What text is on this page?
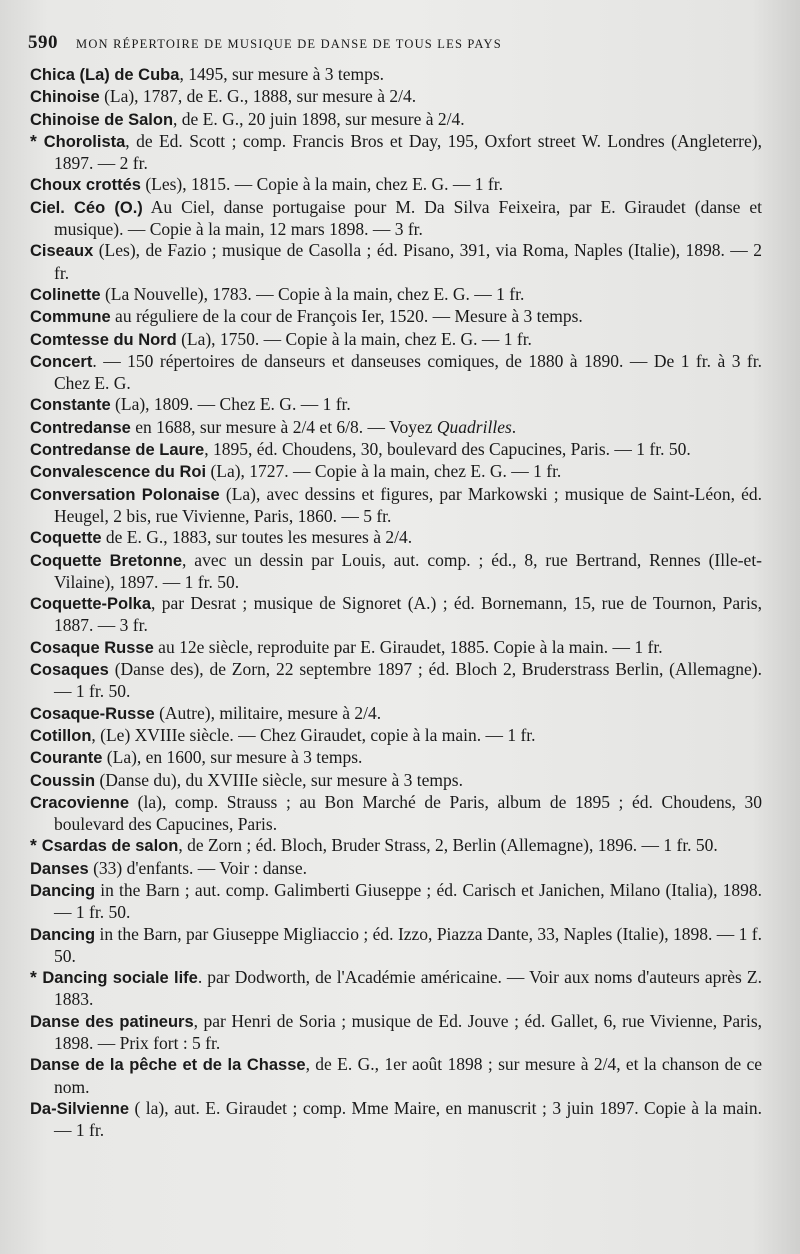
590 MON RÉPERTOIRE DE MUSIQUE DE DANSE DE TOUS LES PAYS

Chica (La) de Cuba, 1495, sur mesure à 3 temps.

Chinoise (La), 1787, de E. G., 1888, sur mesure à 2/4.

Chinoise de Salon, de E. G., 20 juin 1898, sur mesure à 2/4.

* Chorolista, de Ed. Scott ; comp. Francis Bros et Day, 195, Oxfort street W. Londres (Angleterre), 1897. — 2 fr.

Choux crottés (Les), 1815. — Copie à la main, chez E. G. — 1 fr.

Ciel. Céo (O.) Au Ciel, danse portugaise pour M. Da Silva Feixeira, par E. Giraudet (danse et musique). — Copie à la main, 12 mars 1898. — 3 fr.

Ciseaux (Les), de Fazio ; musique de Casolla ; éd. Pisano, 391, via Roma, Naples (Italie), 1898. — 2 fr.

Colinette (La Nouvelle), 1783. — Copie à la main, chez E. G. — 1 fr.

Commune au réguliere de la cour de François Ier, 1520. — Mesure à 3 temps.

Comtesse du Nord (La), 1750. — Copie à la main, chez E. G. — 1 fr.

Concert. — 150 répertoires de danseurs et danseuses comiques, de 1880 à 1890. — De 1 fr. à 3 fr. Chez E. G.

Constante (La), 1809. — Chez E. G. — 1 fr.

Contredanse en 1688, sur mesure à 2/4 et 6/8. — Voyez Quadrilles.

Contredanse de Laure, 1895, éd. Choudens, 30, boulevard des Capucines, Paris. — 1 fr. 50.

Convalescence du Roi (La), 1727. — Copie à la main, chez E. G. — 1 fr.

Conversation Polonaise (La), avec dessins et figures, par Markowski ; musique de Saint-Léon, éd. Heugel, 2 bis, rue Vivienne, Paris, 1860. — 5 fr.

Coquette de E. G., 1883, sur toutes les mesures à 2/4.

Coquette Bretonne, avec un dessin par Louis, aut. comp. ; éd., 8, rue Bertrand, Rennes (Ille-et-Vilaine), 1897. — 1 fr. 50.

Coquette-Polka, par Desrat ; musique de Signoret (A.) ; éd. Bornemann, 15, rue de Tournon, Paris, 1887. — 3 fr.

Cosaque Russe au 12e siècle, reproduite par E. Giraudet, 1885. Copie à la main. — 1 fr.

Cosaques (Danse des), de Zorn, 22 septembre 1897 ; éd. Bloch 2, Bruderstrass Berlin, (Allemagne). — 1 fr. 50.

Cosaque-Russe (Autre), militaire, mesure à 2/4.

Cotillon, (Le) XVIIIe siècle. — Chez Giraudet, copie à la main. — 1 fr.

Courante (La), en 1600, sur mesure à 3 temps.

Coussin (Danse du), du XVIIIe siècle, sur mesure à 3 temps.

Cracovienne (la), comp. Strauss ; au Bon Marché de Paris, album de 1895 ; éd. Choudens, 30 boulevard des Capucines, Paris.

* Csardas de salon, de Zorn ; éd. Bloch, Bruder Strass, 2, Berlin (Allemagne), 1896. — 1 fr. 50.

Danses (33) d'enfants. — Voir : danse.

Dancing in the Barn ; aut. comp. Galimberti Giuseppe ; éd. Carisch et Janichen, Milano (Italia), 1898. — 1 fr. 50.

Dancing in the Barn, par Giuseppe Migliaccio ; éd. Izzo, Piazza Dante, 33, Naples (Italie), 1898. — 1 f. 50.

* Dancing sociale life. par Dodworth, de l'Académie américaine. — Voir aux noms d'auteurs après Z. 1883.

Danse des patineurs, par Henri de Soria ; musique de Ed. Jouve ; éd. Gallet, 6, rue Vivienne, Paris, 1898. — Prix fort : 5 fr.

Danse de la pêche et de la Chasse, de E. G., 1er août 1898 ; sur mesure à 2/4, et la chanson de ce nom.

Da-Silvienne ( la), aut. E. Giraudet ; comp. Mme Maire, en manuscrit ; 3 juin 1897. Copie à la main. — 1 fr.
